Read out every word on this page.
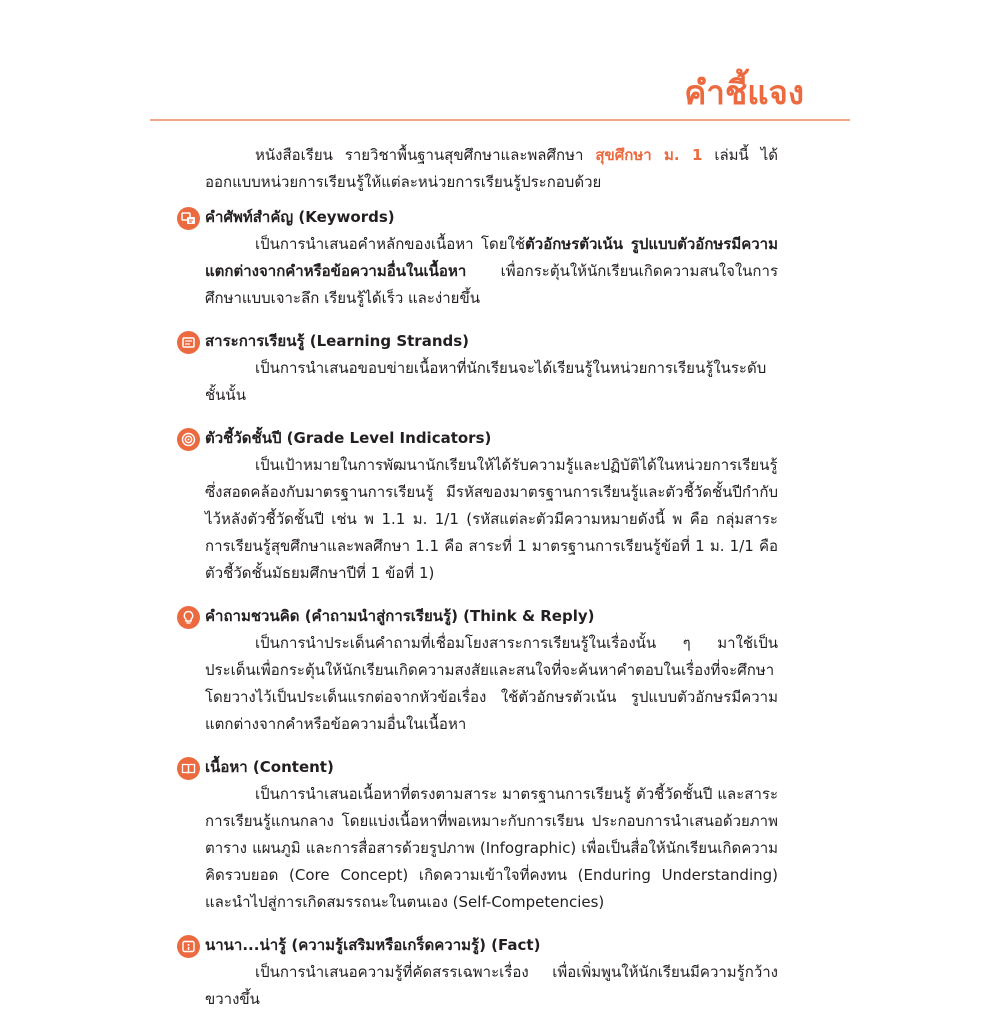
คำชี้แจง

หนังสือเรียน รายวิชาพื้นฐานสุขศึกษาและพลศึกษา สุขศึกษา ม. 1 เล่มนี้ ได้ออกแบบหน่วยการเรียนรู้ให้แต่ละหน่วยการเรียนรู้ประกอบด้วย

คำศัพท์สำคัญ (Keywords)

เป็นการนำเสนอคำหลักของเนื้อหา โดยใช้ตัวอักษรตัวเน้น รูปแบบตัวอักษรมีความแตกต่างจากคำหรือข้อความอื่นในเนื้อหา เพื่อกระตุ้นให้นักเรียนเกิดความสนใจในการศึกษาแบบเจาะลึก เรียนรู้ได้เร็ว และง่ายขึ้น

สาระการเรียนรู้ (Learning Strands)

เป็นการนำเสนอขอบข่ายเนื้อหาที่นักเรียนจะได้เรียนรู้ในหน่วยการเรียนรู้ในระดับชั้นนั้น

ตัวชี้วัดชั้นปี (Grade Level Indicators)

เป็นเป้าหมายในการพัฒนานักเรียนให้ได้รับความรู้และปฏิบัติได้ในหน่วยการเรียนรู้ ซึ่งสอดคล้องกับมาตรฐานการเรียนรู้ มีรหัสของมาตรฐานการเรียนรู้และตัวชี้วัดชั้นปีกำกับไว้หลังตัวชี้วัดชั้นปี เช่น พ 1.1 ม. 1/1 (รหัสแต่ละตัวมีความหมายดังนี้ พ คือ กลุ่มสาระการเรียนรู้สุขศึกษาและพลศึกษา 1.1 คือ สาระที่ 1 มาตรฐานการเรียนรู้ข้อที่ 1 ม. 1/1 คือ ตัวชี้วัดชั้นมัธยมศึกษาปีที่ 1 ข้อที่ 1)

คำถามชวนคิด (คำถามนำสู่การเรียนรู้) (Think & Reply)

เป็นการนำประเด็นคำถามที่เชื่อมโยงสาระการเรียนรู้ในเรื่องนั้น ๆ มาใช้เป็นประเด็นเพื่อกระตุ้นให้นักเรียนเกิดความสงสัยและสนใจที่จะค้นหาคำตอบในเรื่องที่จะศึกษา โดยวางไว้เป็นประเด็นแรกต่อจากหัวข้อเรื่อง ใช้ตัวอักษรตัวเน้น รูปแบบตัวอักษรมีความแตกต่างจากคำหรือข้อความอื่นในเนื้อหา

เนื้อหา (Content)

เป็นการนำเสนอเนื้อหาที่ตรงตามสาระ มาตรฐานการเรียนรู้ ตัวชี้วัดชั้นปี และสาระการเรียนรู้แกนกลาง โดยแบ่งเนื้อหาที่พอเหมาะกับการเรียน ประกอบการนำเสนอด้วยภาพ ตาราง แผนภูมิ และการสื่อสารด้วยรูปภาพ (Infographic) เพื่อเป็นสื่อให้นักเรียนเกิดความคิดรวบยอด (Core Concept) เกิดความเข้าใจที่คงทน (Enduring Understanding) และนำไปสู่การเกิดสมรรถนะในตนเอง (Self-Competencies)

นานา...น่ารู้ (ความรู้เสริมหรือเกร็ดความรู้) (Fact)

เป็นการนำเสนอความรู้ที่คัดสรรเฉพาะเรื่อง เพื่อเพิ่มพูนให้นักเรียนมีความรู้กว้างขวางขึ้น
